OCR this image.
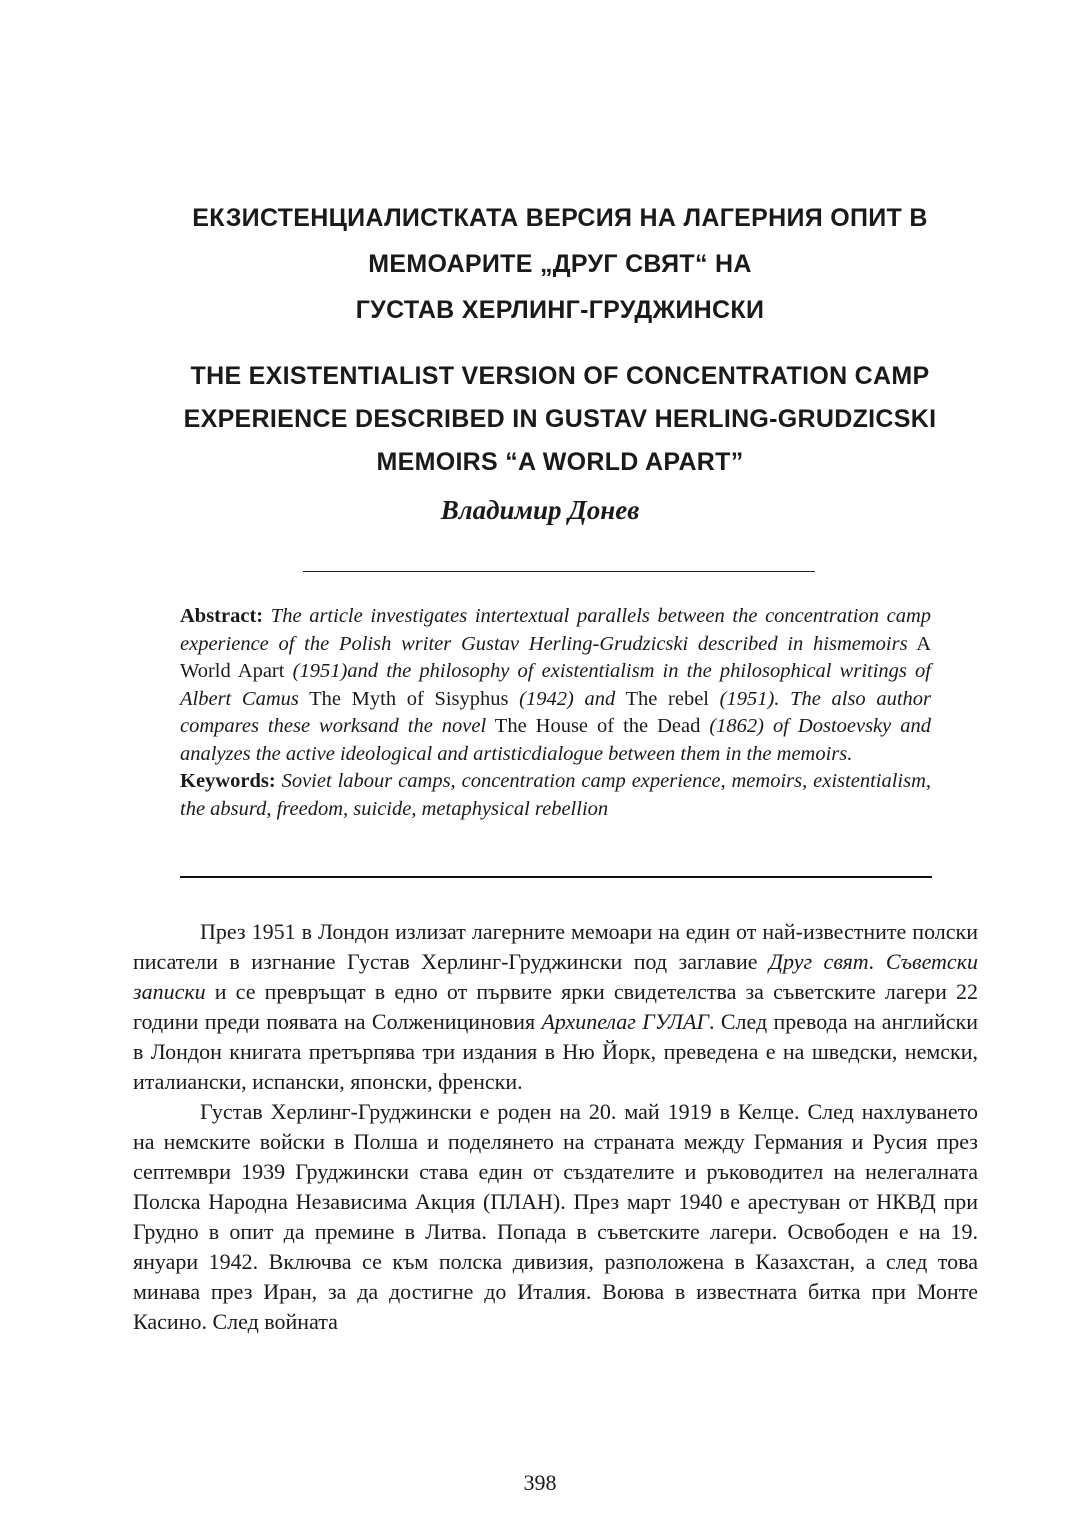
ЕКЗИСТЕНЦИАЛИСТКАТА ВЕРСИЯ НА ЛАГЕРНИЯ ОПИТ В
МЕМОАРИТЕ „ДРУГ СВЯТ“ НА
ГУСТАВ ХЕРЛИНГ-ГРУДЖИНСКИ
THE EXISTENTIALIST VERSION OF CONCENTRATION CAMP
EXPERIENCE DESCRIBED IN GUSTAV HERLING-GRUDZICSKI
MEMOIRS “A WORLD APART”

Владимир Донев

Abstract: The article investigates intertextual parallels between the concentration camp experience of the Polish writer Gustav Herling-Grudzicski described in hismemoirs A World Apart (1951)and the philosophy of existentialism in the philosophical writings of Albert Camus The Myth of Sisyphus (1942) and The rebel (1951). The also author compares these worksand the novel The House of the Dead (1862) of Dostoevsky and analyzes the active ideological and artisticdialogue between them in the memoirs.

Keywords: Soviet labour camps, concentration camp experience, memoirs, existentialism, the absurd, freedom, suicide, metaphysical rebellion

През 1951 в Лондон излизат лагерните мемоари на един от най-известните полски писатели в изгнание Густав Херлинг-Груджински под заглавие Друг свят. Съветски записки и се превръщат в едно от първите ярки свидетелства за съветските лагери 22 години преди появата на Солженициновия Архипелаг ГУЛАГ. След превода на английски в Лондон книгата претърпява три издания в Ню Йорк, преведена е на шведски, немски, италиански, испански, японски, френски.

Густав Херлинг-Груджински е роден на 20. май 1919 в Келце. След нахлуването на немските войски в Полша и поделянето на страната между Германия и Русия през септември 1939 Груджински става един от създателите и ръководител на нелегалната Полска Народна Независима Акция (ПЛАН). През март 1940 е арестуван от НКВД при Грудно в опит да премине в Литва. Попада в съветските лагери. Освободен е на 19. януари 1942. Включва се към полска дивизия, разположена в Казахстан, а след това минава през Иран, за да достигне до Италия. Воюва в известната битка при Монте Касино. След войната

398
